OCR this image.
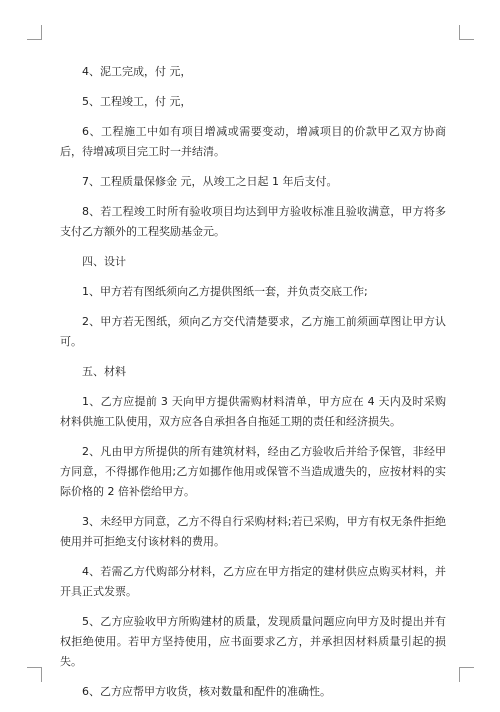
4、泥工完成，付 元，

5、工程竣工，付 元，

6、工程施工中如有项目增减或需要变动，增减项目的价款甲乙双方协商后，待增减项目完工时一并结清。

7、工程质量保修金 元，从竣工之日起 1 年后支付。

8、若工程竣工时所有验收项目均达到甲方验收标准且验收满意，甲方将多支付乙方额外的工程奖励基金元。

四、设计

1、甲方若有图纸须向乙方提供图纸一套，并负责交底工作;

2、甲方若无图纸，须向乙方交代清楚要求，乙方施工前须画草图让甲方认可。

五、材料

1、乙方应提前 3 天向甲方提供需购材料清单，甲方应在 4 天内及时采购材料供施工队使用，双方应各自承担各自拖延工期的责任和经济损失。

2、凡由甲方所提供的所有建筑材料，经由乙方验收后并给予保管，非经甲方同意，不得挪作他用;乙方如挪作他用或保管不当造成遗失的，应按材料的实际价格的 2 倍补偿给甲方。

3、未经甲方同意，乙方不得自行采购材料;若已采购，甲方有权无条件拒绝使用并可拒绝支付该材料的费用。

4、若需乙方代购部分材料，乙方应在甲方指定的建材供应点购买材料，并开具正式发票。

5、乙方应验收甲方所购建材的质量，发现质量问题应向甲方及时提出并有权拒绝使用。若甲方坚持使用，应书面要求乙方，并承担因材料质量引起的损失。

6、乙方应帮甲方收货，核对数量和配件的准确性。
